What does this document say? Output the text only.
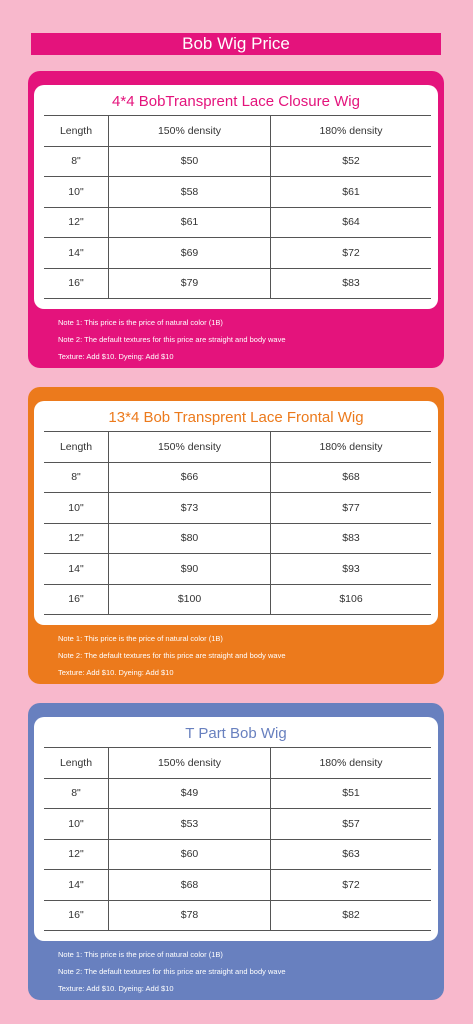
Bob Wig Price
4*4 BobTransprent Lace Closure Wig
Length	150% density	180% density
8"	$50	$52
10"	$58	$61
12"	$61	$64
14"	$69	$72
16"	$79	$83
Note 1: This price is the price of natural color (1B)
Note 2: The default textures for this price are straight and body wave
Texture: Add $10. Dyeing: Add $10
13*4 Bob Transprent Lace Frontal Wig
Length	150% density	180% density
8"	$66	$68
10"	$73	$77
12"	$80	$83
14"	$90	$93
16"	$100	$106
Note 1: This price is the price of natural color (1B)
Note 2: The default textures for this price are straight and body wave
Texture: Add $10. Dyeing: Add $10
T Part Bob Wig
Length	150% density	180% density
8"	$49	$51
10"	$53	$57
12"	$60	$63
14"	$68	$72
16"	$78	$82
Note 1: This price is the price of natural color (1B)
Note 2: The default textures for this price are straight and body wave
Texture: Add $10. Dyeing: Add $10
